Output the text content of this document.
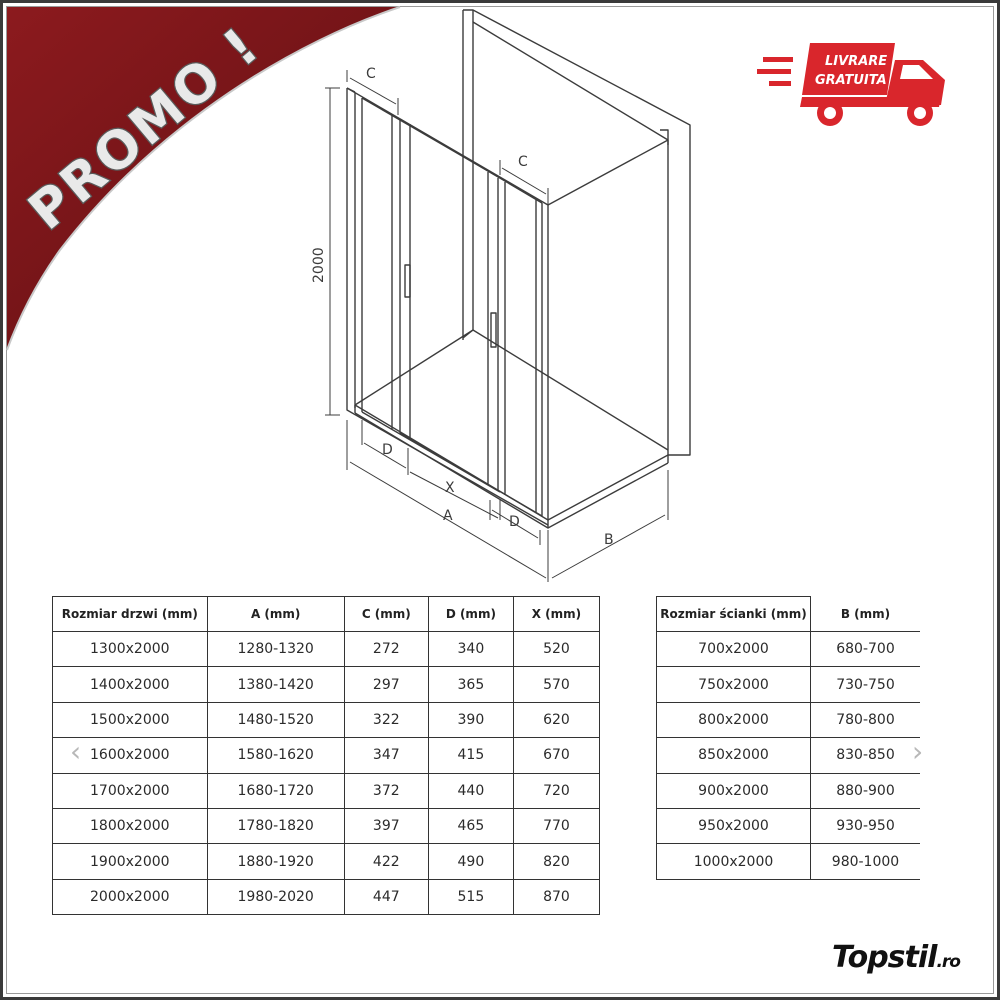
PROMO !
2000
C
C
D
X
A	D
B
LIVRARE
GRATUITA
Rozmiar drzwi (mm)	A (mm)	C (mm)	D (mm)	X (mm)
1300x2000	1280-1320	272	340	520
1400x2000	1380-1420	297	365	570
1500x2000	1480-1520	322	390	620
1600x2000	1580-1620	347	415	670
1700x2000	1680-1720	372	440	720
1800x2000	1780-1820	397	465	770
1900x2000	1880-1920	422	490	820
2000x2000	1980-2020	447	515	870
Rozmiar ścianki (mm)	B (mm)
700x2000	680-700
750x2000	730-750
800x2000	780-800
850x2000	830-850
900x2000	880-900
950x2000	930-950
1000x2000	980-1000
‹	›
Topstil.ro
